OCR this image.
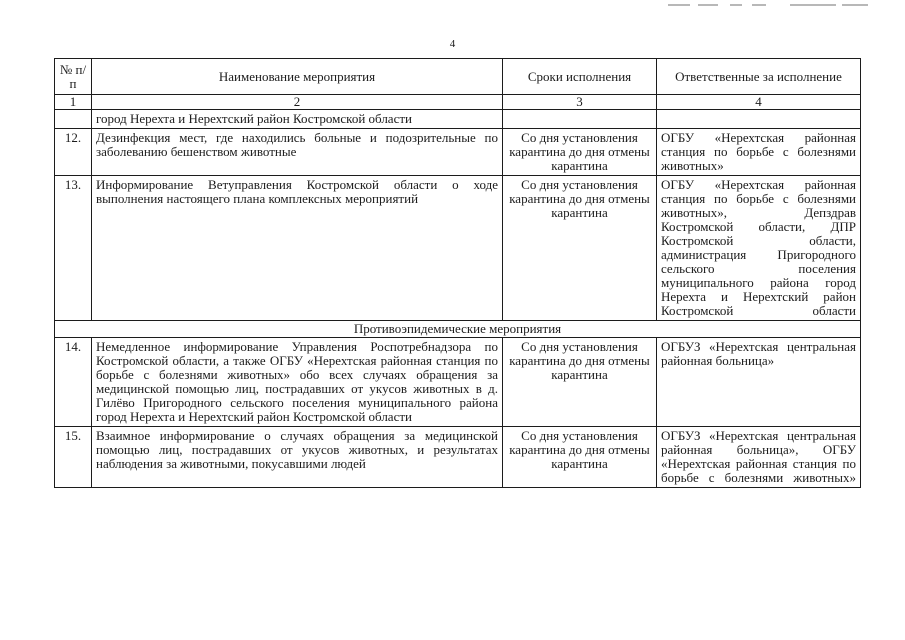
4
№ п/п	Наименование мероприятия	Сроки исполнения	Ответственные за исполнение
1	2	3	4
	город Нерехта и Нерехтский район Костромской области		
12.	Дезинфекция мест, где находились больные и подозрительные по заболеванию бешенством животные	Со дня установления карантина до дня отмены карантина	ОГБУ «Нерехтская районная станция по борьбе с болезнями животных»
13.	Информирование Ветуправления Костромской области о ходе выполнения настоящего плана комплексных мероприятий	Со дня установления карантина до дня отмены карантина	ОГБУ «Нерехтская районная станция по борьбе с болезнями животных», Депздрав Костромской области, ДПР Костромской области, администрация Пригородного сельского поселения муниципального района город Нерехта и Нерехтский район Костромской области
Противоэпидемические мероприятия			
14.	Немедленное информирование Управления Роспотребнадзора по Костромской области, а также ОГБУ «Нерехтская районная станция по борьбе с болезнями животных» обо всех случаях обращения за медицинской помощью лиц, пострадавших от укусов животных в д. Гилёво Пригородного сельского поселения муниципального района город Нерехта и Нерехтский район Костромской области	Со дня установления карантина до дня отмены карантина	ОГБУЗ «Нерехтская центральная районная больница»
15.	Взаимное информирование о случаях обращения за медицинской помощью лиц, пострадавших от укусов животных, и результатах наблюдения за животными, покусавшими людей	Со дня установления карантина до дня отмены карантина	ОГБУЗ «Нерехтская центральная районная больница», ОГБУ «Нерехтская районная станция по борьбе с болезнями животных»
